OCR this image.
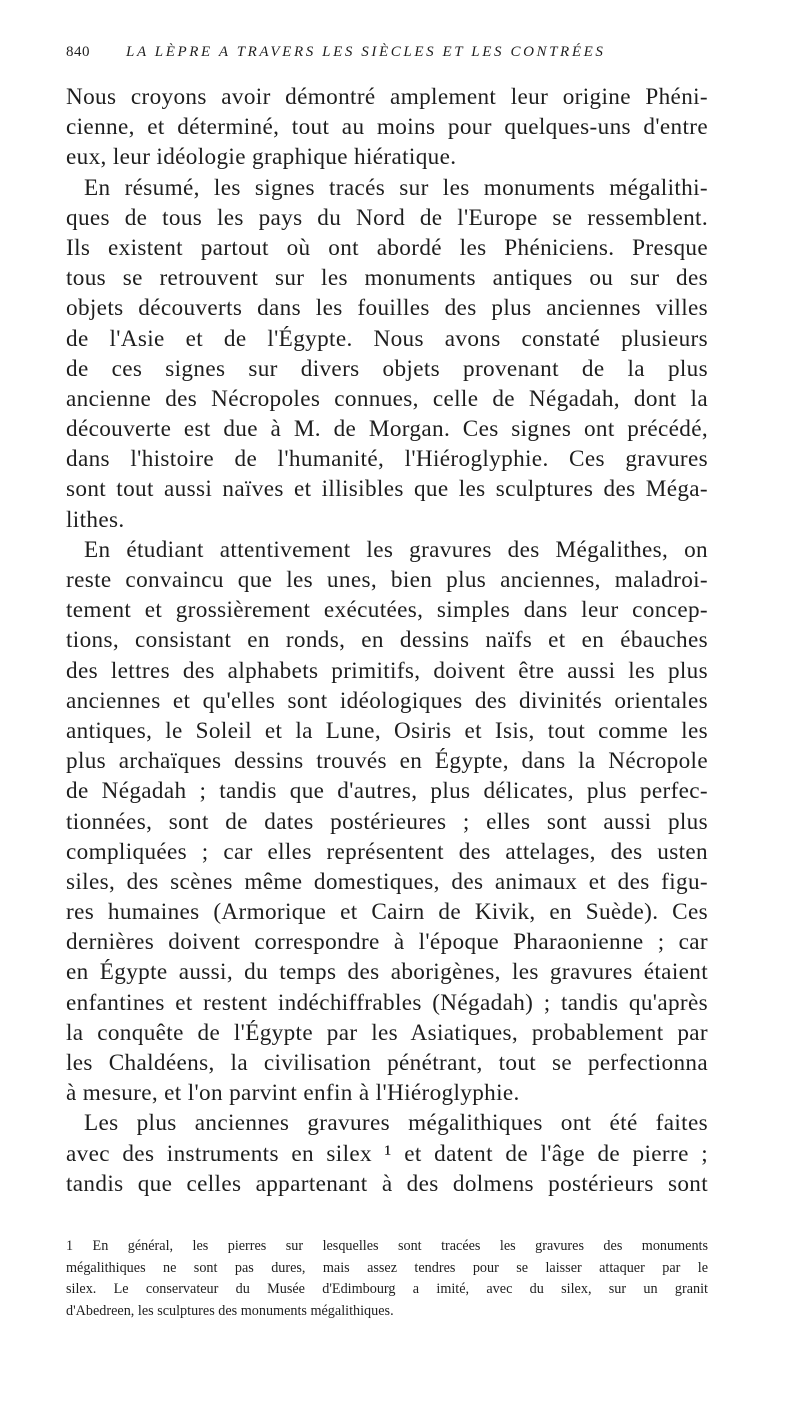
840 LA LÈPRE A TRAVERS LES SIÈCLES ET LES CONTRÉES
Nous croyons avoir démontré amplement leur origine Phéni-
cienne, et déterminé, tout au moins pour quelques-uns d'entre
eux, leur idéologie graphique hiératique.
En résumé, les signes tracés sur les monuments mégalithi-
ques de tous les pays du Nord de l'Europe se ressemblent.
Ils existent partout où ont abordé les Phéniciens. Presque
tous se retrouvent sur les monuments antiques ou sur des
objets découverts dans les fouilles des plus anciennes villes
de l'Asie et de l'Égypte. Nous avons constaté plusieurs
de ces signes sur divers objets provenant de la plus
ancienne des Nécropoles connues, celle de Négadah, dont la
découverte est due à M. de Morgan. Ces signes ont précédé,
dans l'histoire de l'humanité, l'Hiéroglyphie. Ces gravures
sont tout aussi naïves et illisibles que les sculptures des Méga-
lithes.
En étudiant attentivement les gravures des Mégalithes, on
reste convaincu que les unes, bien plus anciennes, maladroi-
tement et grossièrement exécutées, simples dans leur concep-
tions, consistant en ronds, en dessins naïfs et en ébauches
des lettres des alphabets primitifs, doivent être aussi les plus
anciennes et qu'elles sont idéologiques des divinités orientales
antiques, le Soleil et la Lune, Osiris et Isis, tout comme les
plus archaïques dessins trouvés en Égypte, dans la Nécropole
de Négadah ; tandis que d'autres, plus délicates, plus perfec-
tionnées, sont de dates postérieures ; elles sont aussi plus
compliquées ; car elles représentent des attelages, des usten
siles, des scènes même domestiques, des animaux et des figu-
res humaines (Armorique et Cairn de Kivik, en Suède). Ces
dernières doivent correspondre à l'époque Pharaonienne ; car
en Égypte aussi, du temps des aborigènes, les gravures étaient
enfantines et restent indéchiffrables (Négadah) ; tandis qu'après
la conquête de l'Égypte par les Asiatiques, probablement par
les Chaldéens, la civilisation pénétrant, tout se perfectionna
à mesure, et l'on parvint enfin à l'Hiéroglyphie.
Les plus anciennes gravures mégalithiques ont été faites
avec des instruments en silex ¹ et datent de l'âge de pierre ;
tandis que celles appartenant à des dolmens postérieurs sont
1 En général, les pierres sur lesquelles sont tracées les gravures des monuments
mégalithiques ne sont pas dures, mais assez tendres pour se laisser attaquer par le
silex. Le conservateur du Musée d'Edimbourg a imité, avec du silex, sur un granit
d'Abedreen, les sculptures des monuments mégalithiques.
